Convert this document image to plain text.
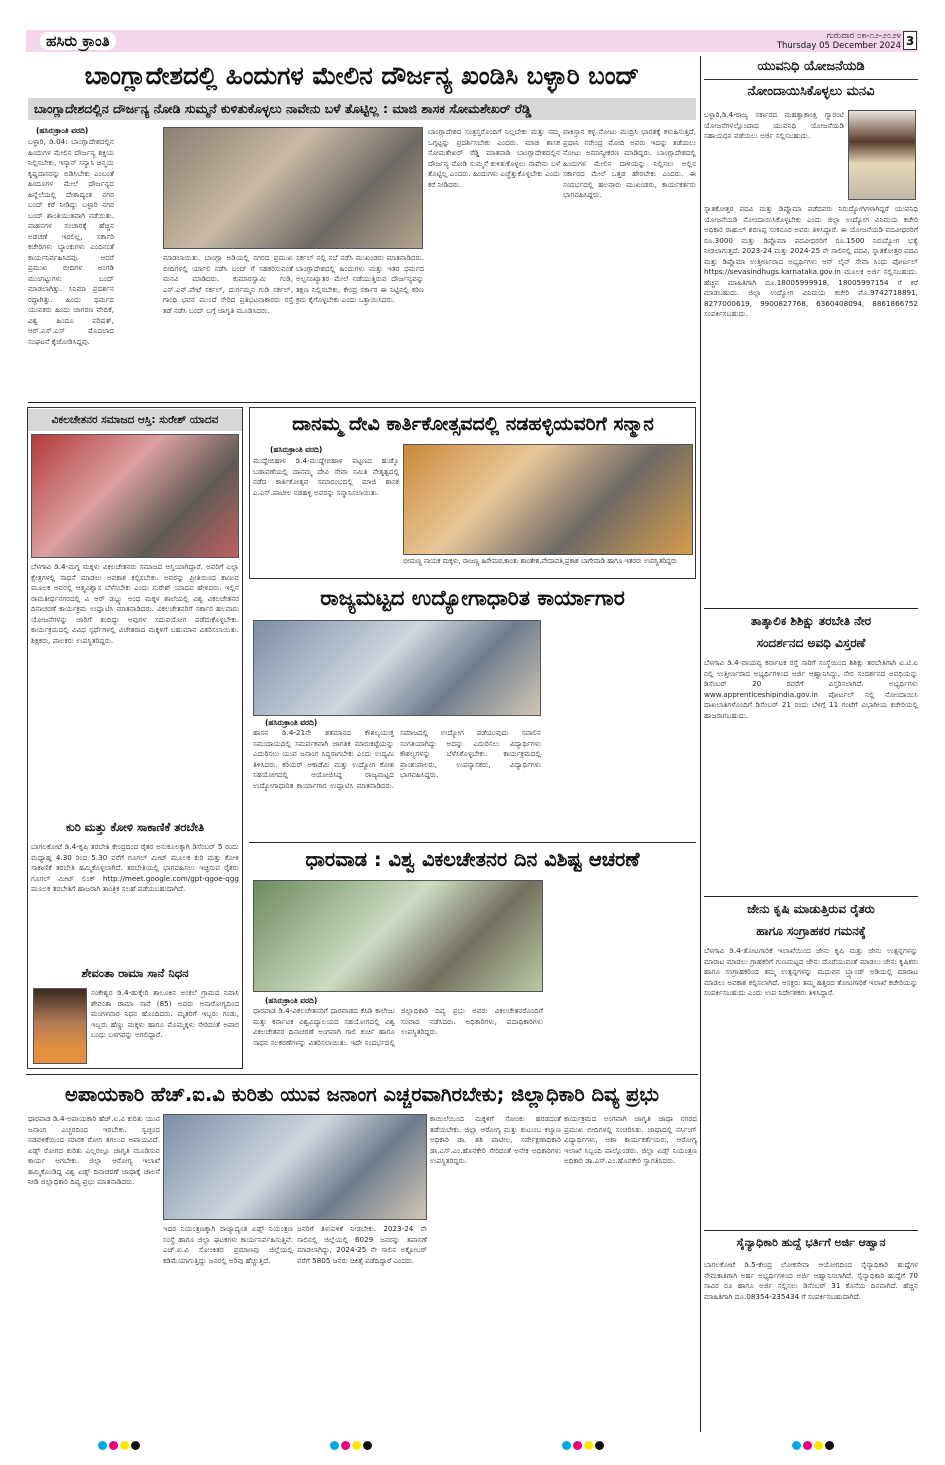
ಹಸಿರು ಕ್ರಾಂತಿ	ಗುರುವಾರ ೦೫-೧೨-೨೦೨೪
Thursday 05 December 2024 3
ಬಾಂಗ್ಲಾದೇಶದಲ್ಲಿ ಹಿಂದುಗಳ ಮೇಲಿನ ದೌರ್ಜನ್ಯ ಖಂಡಿಸಿ ಬಳ್ಳಾರಿ ಬಂದ್
ಬಾಂಗ್ಲಾದೇಶದಲ್ಲಿನ ದೌರ್ಜನ್ಯ ನೋಡಿ ಸುಮ್ಮನೆ ಕುಳಿತುಕೊಳ್ಳಲು ನಾವೇನು ಬಳೆ ತೊಟ್ಟಿಲ್ಲ : ಮಾಜಿ ಶಾಸಕ ಸೋಮಶೇಖರ್ ರೆಡ್ಡಿ
(ಹಸಿರುಕ್ರಾಂತಿ ವರದಿ)
ಬಳ್ಳಾರಿ, ಡಿ.04: ಬಾಂಗ್ಲಾದೇಶದಲ್ಲಿನ ಹಿಂದುಗಳ ಮೇಲಿನ ದೌರ್ಜನ್ಯ ಶಕ್ತಿಯ ನಿಲ್ಲಿಸಬೇಕು, ಇಸ್ಕಾನ್ ಸನ್ಯಾಸಿ ಚಿನ್ಮಯ ಕೃಷ್ಣದಾಸರನ್ನು ಬಿಡಿಸಿಬೇಕು ಎಂಬಂತೆ ಹಿಂದೂಗಳ ಮೇಲೆ ದೌರ್ಜನ್ಯದ ಹಿನ್ನೆಲೆಯಲ್ಲಿ ದೇಶಾದ್ಯಂತ ನಗರ ಬಂದ್ ಕರೆ ನೀಡಿದ್ದು ಬಳ್ಳಾರಿ ನಗರ ಬಂದ್ ಶಾಂತಿಯುತವಾಗಿ ನಡೆಯಿತು. ವಾಹನಗಳ ಸಂಚಾರಕ್ಕೆ ಹೆಚ್ಚಿನ ಅಡಚಣೆ ಇರಲಿಲ್ಲ, ಸರ್ಕಾರಿ ಕಚೇರಿಗಳು ಬ್ಯಾಂಕುಗಳು ಎಂದಿನಂತೆ ಕಾರ್ಯನಿರ್ವಹಿಸಿದವು. ಆದರೆ ಪ್ರಮುಖ ಬೀದಿಗಳ ಅಂಗಡಿ ಮುಂಗಟ್ಟುಗಳು ಬಂದ್ ಮಾಡಲಾಗಿತ್ತು. ಸಿನಿಮಾ ಪ್ರದರ್ಶನ ರದ್ದಾಗಿತ್ತು. ಹಿಂದು ಧರ್ಮದ ಯುವಕರು ಹಿಂದು ಜಾಗರಣ ವೇದಿಕೆ, ವಿಶ್ವ ಹಿಂದೂ ಪರಿಷತ್, ಆರ್.ಎಸ್.ಎಸ್ ಮೊದಲಾದ ಸಂಘಟನೆ ಕೈಜೋಡಿಸಿದ್ದವು.
ಮಾಡಲಾಯಿತು. ಬಾಂಗ್ಲಾ ಅಡಿಯಲ್ಲಿ ನಗರದ ಪ್ರಮುಖ ಬೀದಿಗಳಲ್ಲಿ ರ್ಯಾಲಿ ನಡೆಸಿ ಬಂದ್ ಗೆ ಸಹಕರಿಸುವಂತೆ ಮನವಿ ಮಾಡಿದರು. ಕುಮಾರಸ್ವಾಮಿ ಗುಡಿ, ಎಸ್.ಎನ್.ಪೇಟೆ ಸರ್ಕಲ್, ದುರ್ಗಮ್ಮನ ಗುಡಿ ಸರ್ಕಲ್, ಗಾಂಧಿ ಭವನ ಮುಂದೆ ಸೇರಿದ ಪ್ರತಿಭಟನಾಕಾರರು ರಸ್ತೆ ತಡೆ ನಡೆಸಿ ಬಂದ್ ಬಗ್ಗೆ ಜಾಗೃತಿ ಮೂಡಿಸಿದರು.
ಸರ್ಕಲ್ ನಲ್ಲಿ ಸಭೆ ನಡೆಸಿ ಮುಖಂಡರು ಮಾತನಾಡಿದರು. ಬಾಂಗ್ಲಾದೇಶದಲ್ಲಿ ಹಿಂದುಗಳು ಮತ್ತು ಇತರ ಧರ್ಮದ ಅಲ್ಪಸಂಖ್ಯಾತರ ಮೇಲೆ ನಡೆಯುತ್ತಿರುವ ದೌರ್ಜನ್ಯವನ್ನು ತಕ್ಷಣ ನಿಲ್ಲಿಸಬೇಕು, ಕೇಂದ್ರ ಸರ್ಕಾರ ಈ ನಿಟ್ಟಿನಲ್ಲಿ ಕಠಿಣ ಕ್ರಮ ಕೈಗೊಳ್ಳಬೇಕು ಎಂದು ಒತ್ತಾಯಿಸಿದರು.
ಬಾಂಗ್ಲಾದೇಶದ ಸಂತ್ರಸ್ತರೊಂದಿಗೆ ನಿಲ್ಲಬೇಕು ಮತ್ತು ನಮ್ಮ ಒಗ್ಗಟ್ಟನ್ನು ಪ್ರದರ್ಶಿಸಬೇಕು ಎಂದರು. ಮಾಜಿ ಶಾಸಕ ಸೋಮಶೇಖರ್ ರೆಡ್ಡಿ ಮಾತನಾಡಿ ಬಾಂಗ್ಲಾದೇಶದಲ್ಲಿನ ದೌರ್ಜನ್ಯ ನೋಡಿ ಸುಮ್ಮನೆ ಕುಳಿತುಕೊಳ್ಳಲು ನಾವೇನು ಬಳೆ ತೊಟ್ಟಿಲ್ಲ ಎಂದರು. ಹಿಂದುಗಳು ಎಚ್ಚೆತ್ತುಕೊಳ್ಳಬೇಕು ಎಂದು ಕರೆ ನೀಡಿದರು.
ಪಾಕಿಸ್ತಾನ ಕಳ್ಳ ನೋಟು ಮುದ್ರಿಸಿ ಭಾರತಕ್ಕೆ ಕಳುಹಿಸುತ್ತಿದೆ, ಪ್ರಧಾನಿ ನರೇಂದ್ರ ಮೋದಿ ಅವರು ಇದನ್ನು ತಡೆಯಲು ನೋಟು ಅಮಾನ್ಯೀಕರಣ ಮಾಡಿದ್ದರು. ಬಾಂಗ್ಲಾದೇಶದಲ್ಲಿ ಹಿಂದುಗಳ ಮೇಲಿನ ದಾಳಿಯನ್ನು ನಿಲ್ಲಿಸಲು ಅಲ್ಲಿನ ಸರ್ಕಾರದ ಮೇಲೆ ಒತ್ತಡ ಹೇರಬೇಕು ಎಂದರು. ಈ ಸಂದರ್ಭದಲ್ಲಿ ಹಲವಾರು ಮುಖಂಡರು, ಕಾರ್ಯಕರ್ತರು ಭಾಗವಹಿಸಿದ್ದರು.
ವಿಕಲಚೇತನರ ಸಮಾಜದ ಆಸ್ತಿ: ಸುರೇಶ್ ಯಾದವ
ಬೆಳಗಾವಿ ಡಿ.4-ಮಗ್ನ ಮಕ್ಕಳು ವಿಕಲಚೇತನರು ಸಮಾಜದ ಆಸ್ತಿಯಾಗಿದ್ದಾರೆ. ಅವರಿಗೆ ಎಲ್ಲಾ ಕ್ಷೇತ್ರಗಳಲ್ಲಿ ಸಾಧನೆ ಮಾಡಲು ಅವಕಾಶ ಕಲ್ಪಿಸಬೇಕು. ಅವರನ್ನು ಪ್ರೀತಿಯಿಂದ ಕಾಣುವ ಮೂಲಕ ಅವರಲ್ಲಿ ಆತ್ಮವಿಶ್ವಾಸ ಬೆಳೆಸಬೇಕು ಎಂದು ಸುರೇಶ್ ಯಾದವ ಹೇಳಿದರು. ಇಲ್ಲಿನ ರಾಮತೀರ್ಥನಗರದಲ್ಲಿ ವಿ ಆರ್ ಡಬ್ಲ್ಯು ಅಂಧ ಮಕ್ಕಳ ಶಾಲೆಯಲ್ಲಿ ವಿಶ್ವ ವಿಕಲಚೇತನರ ದಿನಾಚರಣೆ ಕಾರ್ಯಕ್ರಮ ಉದ್ಘಾಟಿಸಿ ಮಾತನಾಡಿದರು. ವಿಕಲಚೇತನರಿಗೆ ಸರ್ಕಾರ ಹಲವಾರು ಯೋಜನೆಗಳನ್ನು ಜಾರಿಗೆ ತಂದಿದ್ದು ಅವುಗಳ ಸದುಪಯೋಗ ಪಡೆದುಕೊಳ್ಳಬೇಕು. ಕಾರ್ಯಕ್ರಮದಲ್ಲಿ ವಿವಿಧ ಸ್ಪರ್ಧೆಗಳಲ್ಲಿ ವಿಜೇತರಾದ ಮಕ್ಕಳಿಗೆ ಬಹುಮಾನ ವಿತರಿಸಲಾಯಿತು. ಶಿಕ್ಷಕರು, ಪಾಲಕರು ಉಪಸ್ಥಿತರಿದ್ದರು.
ಕುರಿ ಮತ್ತು ಕೋಳಿ ಸಾಕಾಣಿಕೆ ತರಬೇತಿ
ಬಾಗಲಕೋಟೆ ಡಿ.4-ಕೃಷಿ ತರಬೇತಿ ಕೇಂದ್ರದಿಂದ ರೈತರ ಅನುಕೂಲಕ್ಕಾಗಿ ಡಿಸೆಂಬರ್ 5 ರಂದು ಮಧ್ಯಾಹ್ನ 4.30 ರಿಂದ 5.30 ವರೆಗೆ ಗೂಗಲ್ ಮೀಟ್ ಮೂಲಕ ಕುರಿ ಮತ್ತು ಕೋಳಿ ಸಾಕಾಣಿಕೆ ತರಬೇತಿ ಹಮ್ಮಿಕೊಳ್ಳಲಾಗಿದೆ. ತರಬೇತಿಯಲ್ಲಿ ಭಾಗವಹಿಸಲು ಇಚ್ಛಿಸುವ ರೈತರು ಗೂಗಲ್ ಮೀಟ್ ಲಿಂಕ್ http://meet.google.com/gpt-qgoe-qgg ಮೂಲಕ ತರಬೇತಿಗೆ ಹಾಜರಾಗಿ ತಾಂತ್ರಿಕ ಸಲಹೆ ಪಡೆಯಬಹುದಾಗಿದೆ.
ಶೇವಂತಾ ರಾಮಾ ಸಾನೆ ನಿಧನ
ಸಂಕೇಶ್ವರ ಡಿ.4-ಹುಕ್ಕೇರಿ ತಾಲೂಕಿನ ಅಂಕಲೆ ಗ್ರಾಮದ ನಿವಾಸಿ ಶೇವಂತಾ ರಾಮಾ ಸಾನೆ (85) ಅವರು ಅನಾರೋಗ್ಯದಿಂದ ಮಂಗಳವಾರ ನಿಧನ ಹೊಂದಿದರು. ಮೃತರಿಗೆ ಇಬ್ಬರು ಗಂಡು, ಇಬ್ಬರು ಹೆಣ್ಣು ಮಕ್ಕಳು ಹಾಗೂ ಮೊಮ್ಮಕ್ಕಳು ಸೇರಿದಂತೆ ಅಪಾರ ಬಂಧು ಬಳಗವನ್ನು ಅಗಲಿದ್ದಾರೆ.
ದಾನಮ್ಮ ದೇವಿ ಕಾರ್ತಿಕೋತ್ಸವದಲ್ಲಿ ನಡಹಳ್ಳಿಯವರಿಗೆ ಸನ್ಮಾನ
(ಹಸಿರುಕ್ರಾಂತಿ ವರದಿ)
ಮುದ್ದೇಬಿಹಾಳ ಡಿ.4-ಮುದ್ದೇಬಿಹಾಳ ಪಟ್ಟಣದ ಹುಡ್ಕೊ ಬಡಾವಣೆಯಲ್ಲಿ ದಾನಮ್ಮ ದೇವಿ ಸೇವಾ ಸಮಿತಿ ನೇತೃತ್ವದಲ್ಲಿ ನಡೆದ ಕಾರ್ತಿಕೋತ್ಸವ ಸಮಾರಂಭದಲ್ಲಿ ಮಾಜಿ ಶಾಸಕ ಎ.ಎಸ್.ಪಾಟೀಲ ನಡಹಳ್ಳಿ ಅವರನ್ನು ಸನ್ಮಾನಿಸಲಾಯಿತು.
ಭೀಮಣ್ಣ ನಾಯಕ ಮಕ್ಕಳು, ರಾಜಣ್ಣ ಹಿರೇಮಠ,ಕಾಂತು ಶಾಂತೇಶ,ವೇದಾವತಿ,ಪ್ರಕಾಶ ಬಾಗೇವಾಡಿ ಹಾಗೂ ಇತರರು ಉಪಸ್ಥಿತರಿದ್ದರು
ರಾಜ್ಯಮಟ್ಟದ ಉದ್ಯೋಗಾಧಾರಿತ ಕಾರ್ಯಾಗಾರ
(ಹಸಿರುಕ್ರಾಂತಿ ವರದಿ)
ಹಾಸನ ಡಿ.4-21ನೇ ಶತಮಾನದ ಕೌಶಲ್ಯಯುಕ್ತ ಸಮುದಾಯದಲ್ಲಿ ಸಮರ್ಪಕವಾಗಿ ಜಾಗತಿಕ ಮಾರುಕಟ್ಟೆಯನ್ನು ಎದುರಿಸಲು ಯುವ ಜನಾಂಗ ಸಿದ್ಧರಾಗಬೇಕು ಎಂದು ಉದ್ಯಮಿ ತಿಳಿಸಿದರು. ಕರಿಯರ್ ಅಕಾಡೆಮಿ ಮತ್ತು ಉದ್ಯೋಗ ಕೋಶ ಸಹಯೋಗದಲ್ಲಿ ಆಯೋಜಿಸಿದ್ದ ರಾಜ್ಯಮಟ್ಟದ ಉದ್ಯೋಗಾಧಾರಿತ ಕಾರ್ಯಾಗಾರ ಉದ್ಘಾಟಿಸಿ ಮಾತನಾಡಿದರು. ಸಮಾಜದಲ್ಲಿ ಉದ್ಯೋಗ ಪಡೆಯುವುದು ಸವಾಲಿನ ಸಂಗತಿಯಾಗಿದ್ದು ಅದನ್ನು ಎದುರಿಸಲು ವಿದ್ಯಾರ್ಥಿಗಳು ಕೌಶಲ್ಯಗಳನ್ನು ಬೆಳೆಸಿಕೊಳ್ಳಬೇಕು. ಕಾರ್ಯಕ್ರಮದಲ್ಲಿ ಪ್ರಾಂಶುಪಾಲರು, ಉಪನ್ಯಾಸಕರು, ವಿದ್ಯಾರ್ಥಿಗಳು ಭಾಗವಹಿಸಿದ್ದರು.
ಧಾರವಾಡ : ವಿಶ್ವ ವಿಕಲಚೇತನರ ದಿನ ವಿಶಿಷ್ಟ ಆಚರಣೆ
(ಹಸಿರುಕ್ರಾಂತಿ ವರದಿ)
ಧಾರವಾಡ ಡಿ.4-ವಿಕಲಚೇತನರಿಗೆ ಧಾರವಾಡದ ಕೆಸಿಡಿ ಕಾಲೇಜು ಮತ್ತು ಕರ್ನಾಟಕ ವಿಶ್ವವಿದ್ಯಾಲಯದ ಸಹಯೋಗದಲ್ಲಿ ವಿಶ್ವ ವಿಕಲಚೇತನರ ದಿನಾಚರಣೆ ಅಂಗವಾಗಿ ಗಾಲಿ ಕುರ್ಚಿ ಹಾಗೂ ಸಾಧನ ಸಲಕರಣೆಗಳನ್ನು ವಿತರಿಸಲಾಯಿತು. ಇದೇ ಸಂದರ್ಭದಲ್ಲಿ ಜಿಲ್ಲಾಧಿಕಾರಿ ದಿವ್ಯ ಪ್ರಭು ಅವರು ವಿಕಲಚೇತನರೊಂದಿಗೆ ಸಂವಾದ ನಡೆಸಿದರು. ಅಧಿಕಾರಿಗಳು, ಪದಾಧಿಕಾರಿಗಳು ಉಪಸ್ಥಿತರಿದ್ದರು.
ಅಪಾಯಕಾರಿ ಹೆಚ್.ಐ.ವಿ ಕುರಿತು ಯುವ ಜನಾಂಗ ಎಚ್ಚರವಾಗಿರಬೇಕು; ಜಿಲ್ಲಾಧಿಕಾರಿ ದಿವ್ಯ ಪ್ರಭು
ಧಾರವಾಡ ಡಿ.4-ಅಪಾಯಕಾರಿ ಹೆಚ್.ಐ.ವಿ ಕುರಿತು ಯುವ ಜನಾಂಗ ಎಚ್ಚರದಿಂದ ಇರಬೇಕು. ಸ್ವಚ್ಛಂದ ನಡವಳಿಕೆಯಿಂದ ಮಾರಕ ರೋಗ ತಗಲುವ ಅಪಾಯವಿದೆ. ಏಡ್ಸ್ ರೋಗದ ಕುರಿತು ಎಲ್ಲರಲ್ಲೂ ಜಾಗೃತಿ ಮೂಡಿಸುವ ಕಾರ್ಯ ಆಗಬೇಕು. ಜಿಲ್ಲಾ ಆರೋಗ್ಯ ಇಲಾಖೆ ಹಮ್ಮಿಕೊಂಡಿದ್ದ ವಿಶ್ವ ಏಡ್ಸ್ ದಿನಾಚರಣೆ ಜಾಥಾಕ್ಕೆ ಚಾಲನೆ ನೀಡಿ ಜಿಲ್ಲಾಧಿಕಾರಿ ದಿವ್ಯ ಪ್ರಭು ಮಾತನಾಡಿದರು.
ಇದರ ನಿಯಂತ್ರಣಕ್ಕಾಗಿ ರಾಜ್ಯಾದ್ಯಂತ ಏಡ್ಸ್ ನಿಯಂತ್ರಣ ಸಂಸ್ಥೆ ಹಾಗೂ ಜಿಲ್ಲಾ ಘಟಕಗಳು ಕಾರ್ಯನಿರ್ವಹಿಸುತ್ತಿವೆ. ಎಚ್.ಐ.ವಿ ಸೋಂಕಿತರ ಪ್ರಮಾಣವು ಜಿಲ್ಲೆಯಲ್ಲಿ ಕಡಿಮೆಯಾಗುತ್ತಿದ್ದು ಜನರಲ್ಲಿ ಅರಿವು ಹೆಚ್ಚುತ್ತಿದೆ.
ಜನರಿಗೆ ತಿಳುವಳಿಕೆ ನೀಡಬೇಕು. 2023-24 ನೇ ಸಾಲಿನಲ್ಲಿ ಜಿಲ್ಲೆಯಲ್ಲಿ 6029 ಜನರನ್ನು ತಪಾಸಣೆ ಮಾಡಲಾಗಿದ್ದು, 2024-25 ನೇ ಸಾಲಿನ ಅಕ್ಟೋಬರ್ ವರೆಗೆ 5805 ಜನರು ಚಿಕಿತ್ಸೆ ಪಡೆದಿದ್ದಾರೆ ಎಂದರು.
ಕಾಯಿಲೆಯಿಂದ ಮಕ್ಕಳಿಗೆ ಸೋಂಕು ಹರಡದಂತೆ ತಡೆಯಬೇಕು. ಜಿಲ್ಲಾ ಆರೋಗ್ಯ ಮತ್ತು ಕುಟುಂಬ ಕಲ್ಯಾಣ ಅಧಿಕಾರಿ ಡಾ. ಶಶಿ ಪಾಟೀಲ, ಸರ್ವೇಕ್ಷಣಾಧಿಕಾರಿ ಡಾ.ಎಸ್.ಎಂ.ಹೊನಕೇರಿ ಸೇರಿದಂತೆ ಅನೇಕ ಅಧಿಕಾರಿಗಳು ಉಪಸ್ಥಿತರಿದ್ದರು.
ಕಾರ್ಯಕ್ರಮದ ಅಂಗವಾಗಿ ಜಾಗೃತಿ ಜಾಥಾ ನಗರದ ಪ್ರಮುಖ ಬೀದಿಗಳಲ್ಲಿ ಸಂಚರಿಸಿತು. ಜಾಥಾದಲ್ಲಿ ನರ್ಸಿಂಗ್ ವಿದ್ಯಾರ್ಥಿಗಳು, ಆಶಾ ಕಾರ್ಯಕರ್ತೆಯರು, ಆರೋಗ್ಯ ಇಲಾಖೆ ಸಿಬ್ಬಂದಿ ಪಾಲ್ಗೊಂಡರು. ಜಿಲ್ಲಾ ಏಡ್ಸ್ ನಿಯಂತ್ರಣ ಅಧಿಕಾರಿ ಡಾ.ಎಸ್.ಎಂ.ಹೊನಕೇರಿ ಸ್ವಾಗತಿಸಿದರು.
ಯುವನಿಧಿ ಯೋಜನೆಯಡಿ
ನೋಂದಾಯಿಸಿಕೊಳ್ಳಲು ಮನವಿ
ಬಳ್ಳಾರಿ,ಡಿ.4-ರಾಜ್ಯ ಸರ್ಕಾರದ ಮಹತ್ವಾಕಾಂಕ್ಷಿ ಗ್ಯಾರಂಟಿ ಯೋಜನೆಗಳಲ್ಲೊಂದಾದ ಯುವನಿಧಿ ಯೋಜನೆಯಡಿ ಸಹಾಯಧನ ಪಡೆಯಲು ಅರ್ಜಿ ಸಲ್ಲಿಸಬಹುದು.
ಸ್ನಾತಕೋತ್ತರ ಪದವಿ ಮತ್ತು ಡಿಪ್ಲೊಮಾ ಪಡೆದವರು ನಿರುದ್ಯೋಗಿಗಳಾಗಿದ್ದರೆ ಯುವನಿಧಿ ಯೋಜನೆಯಡಿ ನೋಂದಾಯಿಸಿಕೊಳ್ಳಬೇಕು ಎಂದು ಜಿಲ್ಲಾ ಉದ್ಯೋಗ ವಿನಿಮಯ ಕಚೇರಿ ಅಧಿಕಾರಿ ರಾಹುಲ್ ಶರಣಪ್ಪ ಸಂಕನೂರ ಅವರು ತಿಳಿಸಿದ್ದಾರೆ. ಈ ಯೋಜನೆಯಡಿ ಪದವೀಧರರಿಗೆ ರೂ.3000 ಮತ್ತು ಡಿಪ್ಲೊಮಾ ಪದವೀಧರರಿಗೆ ರೂ.1500 ನಿರುದ್ಯೋಗ ಭತ್ಯೆ ನೀಡಲಾಗುತ್ತದೆ. 2023-24 ಮತ್ತು 2024-25 ನೇ ಸಾಲಿನಲ್ಲಿ ಪದವಿ, ಸ್ನಾತಕೋತ್ತರ ಪದವಿ ಮತ್ತು ಡಿಪ್ಲೊಮಾ ಉತ್ತೀರ್ಣರಾದ ಅಭ್ಯರ್ಥಿಗಳು ಆನ್ ಲೈನ್ ಸೇವಾ ಸಿಂಧು ಪೋರ್ಟಲ್ https://sevasindhugs.karnataka.gov.in ಮೂಲಕ ಅರ್ಜಿ ಸಲ್ಲಿಸಬಹುದು. ಹೆಚ್ಚಿನ ಮಾಹಿತಿಗಾಗಿ ದೂ.18005999918, 18005997154 ಗೆ ಕರೆ ಮಾಡಬಹುದು. ಜಿಲ್ಲಾ ಉದ್ಯೋಗ ವಿನಿಮಯ ಕಚೇರಿ ಮೊ.9742718891, 8277000619, 9900827768, 6360408094, 8861866752 ಸಂಪರ್ಕಿಸಬಹುದು.
ತಾತ್ಕಾಲಿಕ ಶಿಶಿಕ್ಷು ತರಬೇತಿ ನೇರ
ಸಂದರ್ಶನದ ಅವಧಿ ವಿಸ್ತರಣೆ
ಬೆಳಗಾವಿ ಡಿ.4-ವಾಯವ್ಯ ಕರ್ನಾಟಕ ರಸ್ತೆ ಸಾರಿಗೆ ಸಂಸ್ಥೆಯಿಂದ ಶಿಶಿಕ್ಷು ತರಬೇತಿಗಾಗಿ ಐ.ಟಿ.ಐ ನಲ್ಲಿ ಉತ್ತೀರ್ಣರಾದ ಅಭ್ಯರ್ಥಿಗಳಿಂದ ಅರ್ಜಿ ಆಹ್ವಾನಿಸಿದ್ದು, ನೇರ ಸಂದರ್ಶನದ ಅವಧಿಯನ್ನು ಡಿಸೆಂಬರ್ 20 ರವರೆಗೆ ವಿಸ್ತರಿಸಲಾಗಿದೆ. ಅಭ್ಯರ್ಥಿಗಳು www.apprenticeshipindia.gov.in ಪೋರ್ಟಲ್ ನಲ್ಲಿ ನೋಂದಾಯಿಸಿ ದಾಖಲಾತಿಗಳೊಂದಿಗೆ ಡಿಸೆಂಬರ್ 21 ರಂದು ಬೆಳಿಗ್ಗೆ 11 ಗಂಟೆಗೆ ವಿಭಾಗೀಯ ಕಚೇರಿಯಲ್ಲಿ ಹಾಜರಾಗಬಹುದು.
ಜೇನು ಕೃಷಿ ಮಾಡುತ್ತಿರುವ ರೈತರು
ಹಾಗೂ ಸಂಗ್ರಾಹಕರ ಗಮನಕ್ಕೆ
ಬೆಳಗಾವಿ ಡಿ.4-ತೋಟಗಾರಿಕೆ ಇಲಾಖೆಯಿಂದ ಜೇನು ಕೃಷಿ ಮತ್ತು ಜೇನು ಉತ್ಪನ್ನಗಳನ್ನು ಮಾರಾಟ ಮಾಡಲು ಗ್ರಾಹಕರಿಗೆ ಗುಣಮಟ್ಟದ ಜೇನು ದೊರೆಯುವಂತೆ ಮಾಡಲು ಜೇನು ಕೃಷಿಕರು ಹಾಗೂ ಸಂಗ್ರಾಹಕರಿಂದ ತಮ್ಮ ಉತ್ಪನ್ನಗಳನ್ನು ಮಧುವನ ಬ್ರ್ಯಾಂಡ್ ಅಡಿಯಲ್ಲಿ ಮಾರಾಟ ಮಾಡಲು ಅವಕಾಶ ಕಲ್ಪಿಸಲಾಗಿದೆ. ಆಸಕ್ತರು ತಮ್ಮ ಹತ್ತಿರದ ತೋಟಗಾರಿಕೆ ಇಲಾಖೆ ಕಚೇರಿಯನ್ನು ಸಂಪರ್ಕಿಸಬಹುದು ಎಂದು ಉಪ ನಿರ್ದೇಶಕರು ತಿಳಿಸಿದ್ದಾರೆ.
ಸೈನ್ಯಾಧಿಕಾರಿ ಹುದ್ದೆ ಭರ್ತಿಗೆ ಅರ್ಜಿ ಆಹ್ವಾನ
ಬಾಗಲಕೋಟೆ ಡಿ.5-ಕೇಂದ್ರ ಲೋಕಸೇವಾ ಆಯೋಗದಿಂದ ಸೈನ್ಯಾಧಿಕಾರಿ ಹುದ್ದೆಗಳ ನೇಮಕಾತಿಗಾಗಿ ಅರ್ಹ ಅಭ್ಯರ್ಥಿಗಳಿಂದ ಅರ್ಜಿ ಆಹ್ವಾನಿಸಲಾಗಿದೆ. ಸೈನ್ಯಾಧಿಕಾರಿ ಹುದ್ದೆಗೆ 70 ಸಾವಿರ ರೂ ಹಾಗೂ ಅರ್ಜಿ ಸಲ್ಲಿಸಲು ಡಿಸೆಂಬರ್ 31 ಕೊನೆಯ ದಿನವಾಗಿದೆ. ಹೆಚ್ಚಿನ ಮಾಹಿತಿಗಾಗಿ ದೂ.08354-235434 ಗೆ ಸಂಪರ್ಕಿಸಬಹುದಾಗಿದೆ.
